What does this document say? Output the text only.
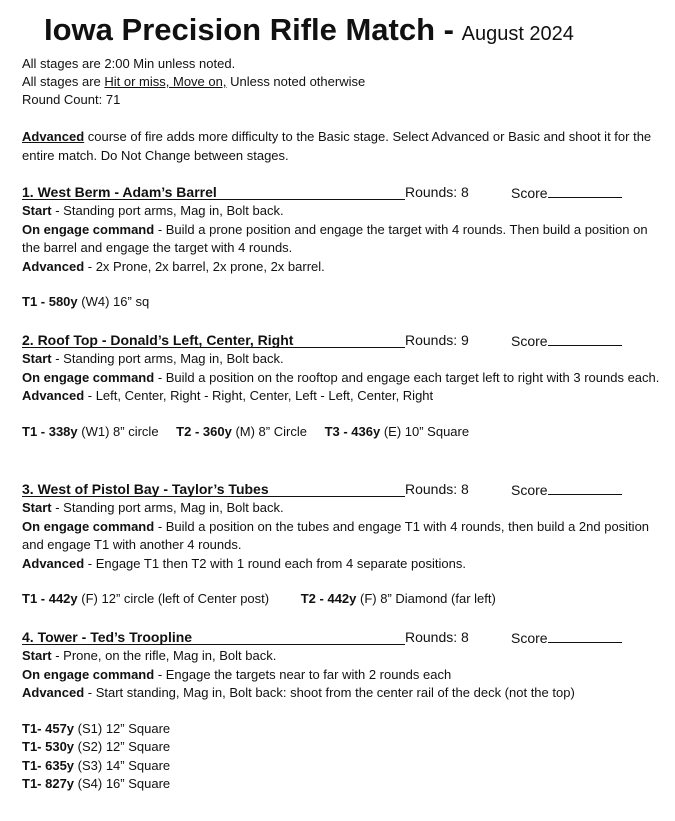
Iowa Precision Rifle Match - August 2024
All stages are 2:00 Min unless noted.
All stages are Hit or miss, Move on, Unless noted otherwise
Round Count: 71
Advanced course of fire adds more difficulty to the Basic stage. Select Advanced or Basic and shoot it for the entire match. Do Not Change between stages.
1. West Berm - Adam’s Barrel	Rounds: 8	Score
Start - Standing port arms, Mag in, Bolt back.
On engage command - Build a prone position and engage the target with 4 rounds. Then build a position on the barrel and engage the target with 4 rounds.
Advanced - 2x Prone, 2x barrel, 2x prone, 2x barrel.
T1 - 580y (W4) 16” sq
2. Roof Top - Donald’s Left, Center, Right	Rounds: 9	Score
Start - Standing port arms, Mag in, Bolt back.
On engage command - Build a position on the rooftop and engage each target left to right with 3 rounds each.
Advanced - Left, Center, Right - Right, Center, Left - Left, Center, Right
T1 - 338y (W1) 8” circle T2 - 360y (M) 8” Circle T3 - 436y (E) 10” Square
3. West of Pistol Bay - Taylor’s Tubes	Rounds: 8	Score
Start - Standing port arms, Mag in, Bolt back.
On engage command - Build a position on the tubes and engage T1 with 4 rounds, then build a 2nd position and engage T1 with another 4 rounds.
Advanced - Engage T1 then T2 with 1 round each from 4 separate positions.
T1 - 442y (F) 12” circle (left of Center post) T2 - 442y (F) 8” Diamond (far left)
4. Tower - Ted’s Troopline	Rounds: 8	Score
Start - Prone, on the rifle, Mag in, Bolt back.
On engage command - Engage the targets near to far with 2 rounds each
Advanced - Start standing, Mag in, Bolt back: shoot from the center rail of the deck (not the top)
T1- 457y (S1) 12” Square
T1- 530y (S2) 12” Square
T1- 635y (S3) 14” Square
T1- 827y (S4) 16” Square
